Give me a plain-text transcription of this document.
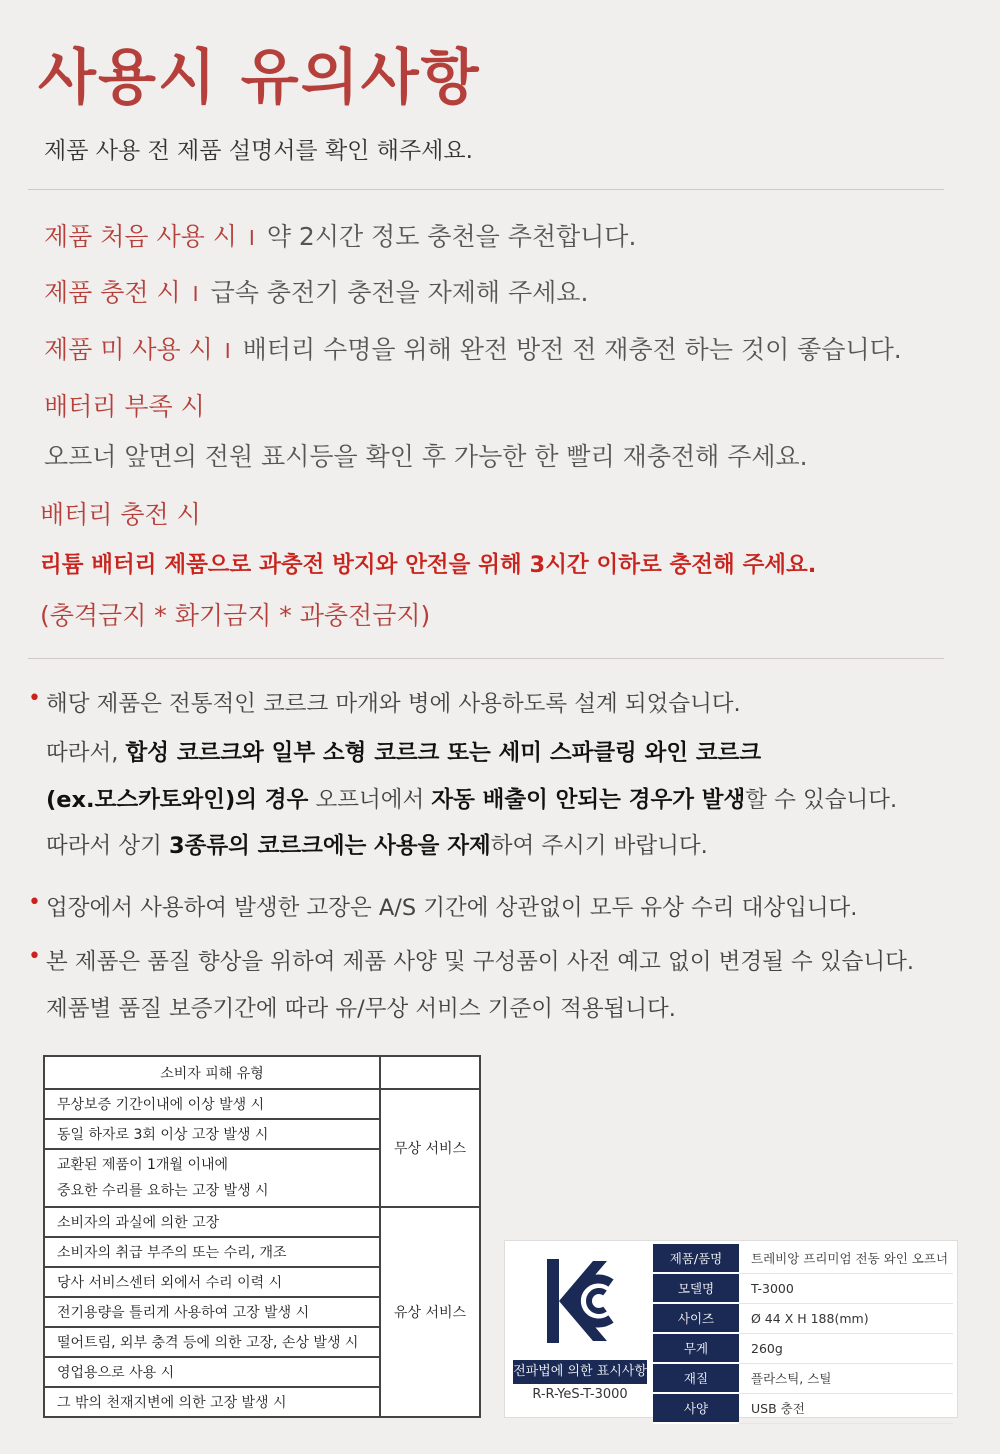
사용시 유의사항

제품 사용 전 제품 설명서를 확인 해주세요.

제품 처음 사용 시 I 약 2시간 정도 충천을 추천합니다.
제품 충전 시 I 급속 충전기 충전을 자제해 주세요.
제품 미 사용 시 I 배터리 수명을 위해 완전 방전 전 재충전 하는 것이 좋습니다.
배터리 부족 시
오프너 앞면의 전원 표시등을 확인 후 가능한 한 빨리 재충전해 주세요.
배터리 충전 시
리튬 배터리 제품으로 과충전 방지와 안전을 위해 3시간 이하로 충전해 주세요.
(충격금지 * 화기금지 * 과충전금지)
• 해당 제품은 전통적인 코르크 마개와 병에 사용하도록 설계 되었습니다.
따라서, 합성 코르크와 일부 소형 코르크 또는 세미 스파클링 와인 코르크
(ex.모스카토와인)의 경우 오프너에서 자동 배출이 안되는 경우가 발생할 수 있습니다.
따라서 상기 3종류의 코르크에는 사용을 자제하여 주시기 바랍니다.
• 업장에서 사용하여 발생한 고장은 A/S 기간에 상관없이 모두 유상 수리 대상입니다.
• 본 제품은 품질 향상을 위하여 제품 사양 및 구성품이 사전 예고 없이 변경될 수 있습니다.
제품별 품질 보증기간에 따라 유/무상 서비스 기준이 적용됩니다.
소비자 피해 유형	
무상보증 기간이내에 이상 발생 시	무상 서비스
동일 하자로 3회 이상 고장 발생 시	
교환된 제품이 1개월 이내에
중요한 수리를 요하는 고장 발생 시	
소비자의 과실에 의한 고장	유상 서비스
소비자의 취급 부주의 또는 수리, 개조	
당사 서비스센터 외에서 수리 이력 시	
전기용량을 틀리게 사용하여 고장 발생 시	
떨어트림, 외부 충격 등에 의한 고장, 손상 발생 시	
영업용으로 사용 시	
그 밖의 천재지변에 의한 고장 발생 시	
전파법에 의한 표시사항
R-R-YeS-T-3000
제품/품명	트레비앙 프리미엄 전동 와인 오프너
모델명	T-3000
사이즈	Ø 44 X H 188(mm)
무게	260g
재질	플라스틱, 스틸
사양	USB 충전
